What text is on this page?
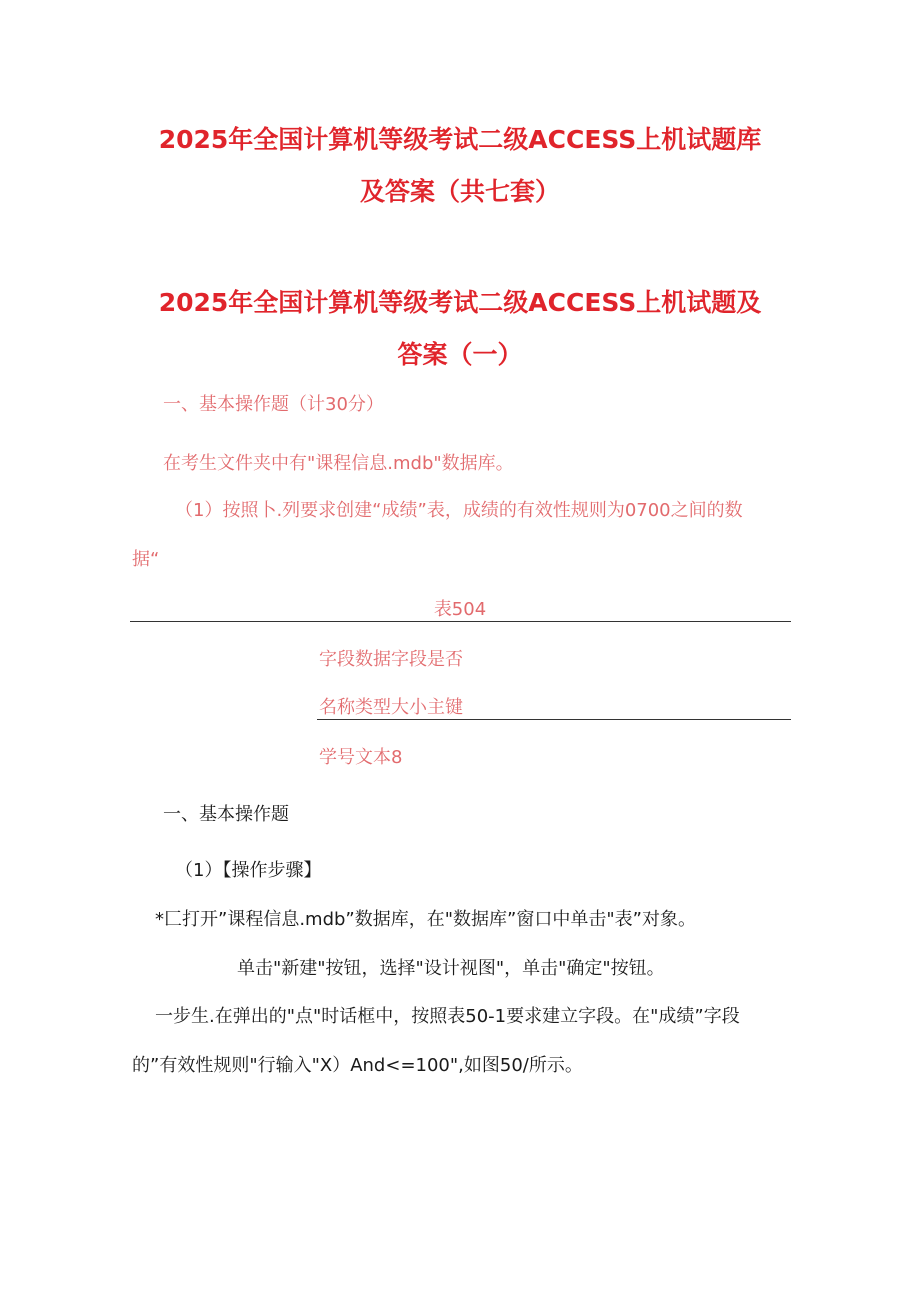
2025年全国计算机等级考试二级ACCESS上机试题库
及答案（共七套）
2025年全国计算机等级考试二级ACCESS上机试题及
答案（一）
一、基本操作题（计30分）
在考生文件夹中有"课程信息.mdb"数据库。
（1）按照卜.列要求创建“成绩”表，成绩的有效性规则为0700之间的数
据“
表504
字段数据字段是否
名称类型大小主键
学号文本8
一、基本操作题
（1）【操作步骤】
*匚打开”课程信息.mdb”数据库，在"数据库”窗口中单击"表”对象。
单击"新建"按钮，选择"设计视图"，单击"确定"按钮。
一步生.在弹出的"点"时话框中，按照表50-1要求建立字段。在"成绩”字段
的”有效性规则"行输入"X）And<=100",如图50/所示。
